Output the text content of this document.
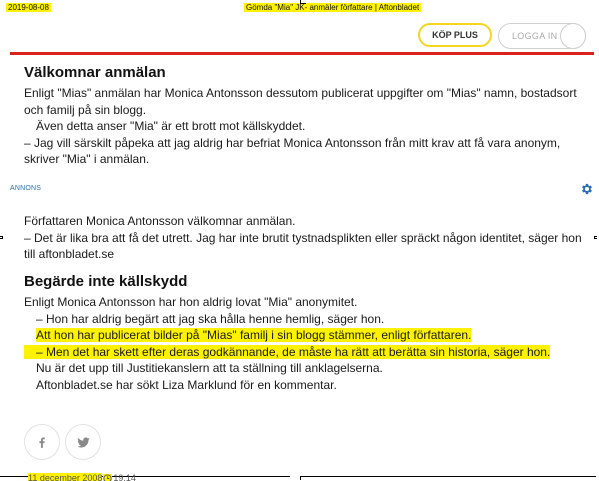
2019-08-08	Gömda "Mia" JK- anmäler författare | Aftonbladet
KÖP PLUS	LOGGA IN
Välkomnar anmälan

Enligt "Mias" anmälan har Monica Antonsson dessutom publicerat uppgifter om "Mias" namn, bostadsort och familj på sin blogg.

Även detta anser "Mia" är ett brott mot källskyddet.

– Jag vill särskilt påpeka att jag aldrig har befriat Monica Antonsson från mitt krav att få vara anonym, skriver "Mia" i anmälan.

ANNONS

Författaren Monica Antonsson välkomnar anmälan.

– Det är lika bra att få det utrett. Jag har inte brutit tystnadsplikten eller spräckt någon identitet, säger hon till aftonbladet.se

Begärde inte källskydd

Enligt Monica Antonsson har hon aldrig lovat "Mia" anonymitet.

– Hon har aldrig begärt att jag ska hålla henne hemlig, säger hon.

Att hon har publicerat bilder på "Mias" familj i sin blogg stämmer, enligt författaren.

– Men det har skett efter deras godkännande, de måste ha rätt att berätta sin historia, säger hon.

Nu är det upp till Justitiekanslern att ta ställning till anklagelserna.

Aftonbladet.se har sökt Liza Marklund för en kommentar.

11 december 2008 19.14
